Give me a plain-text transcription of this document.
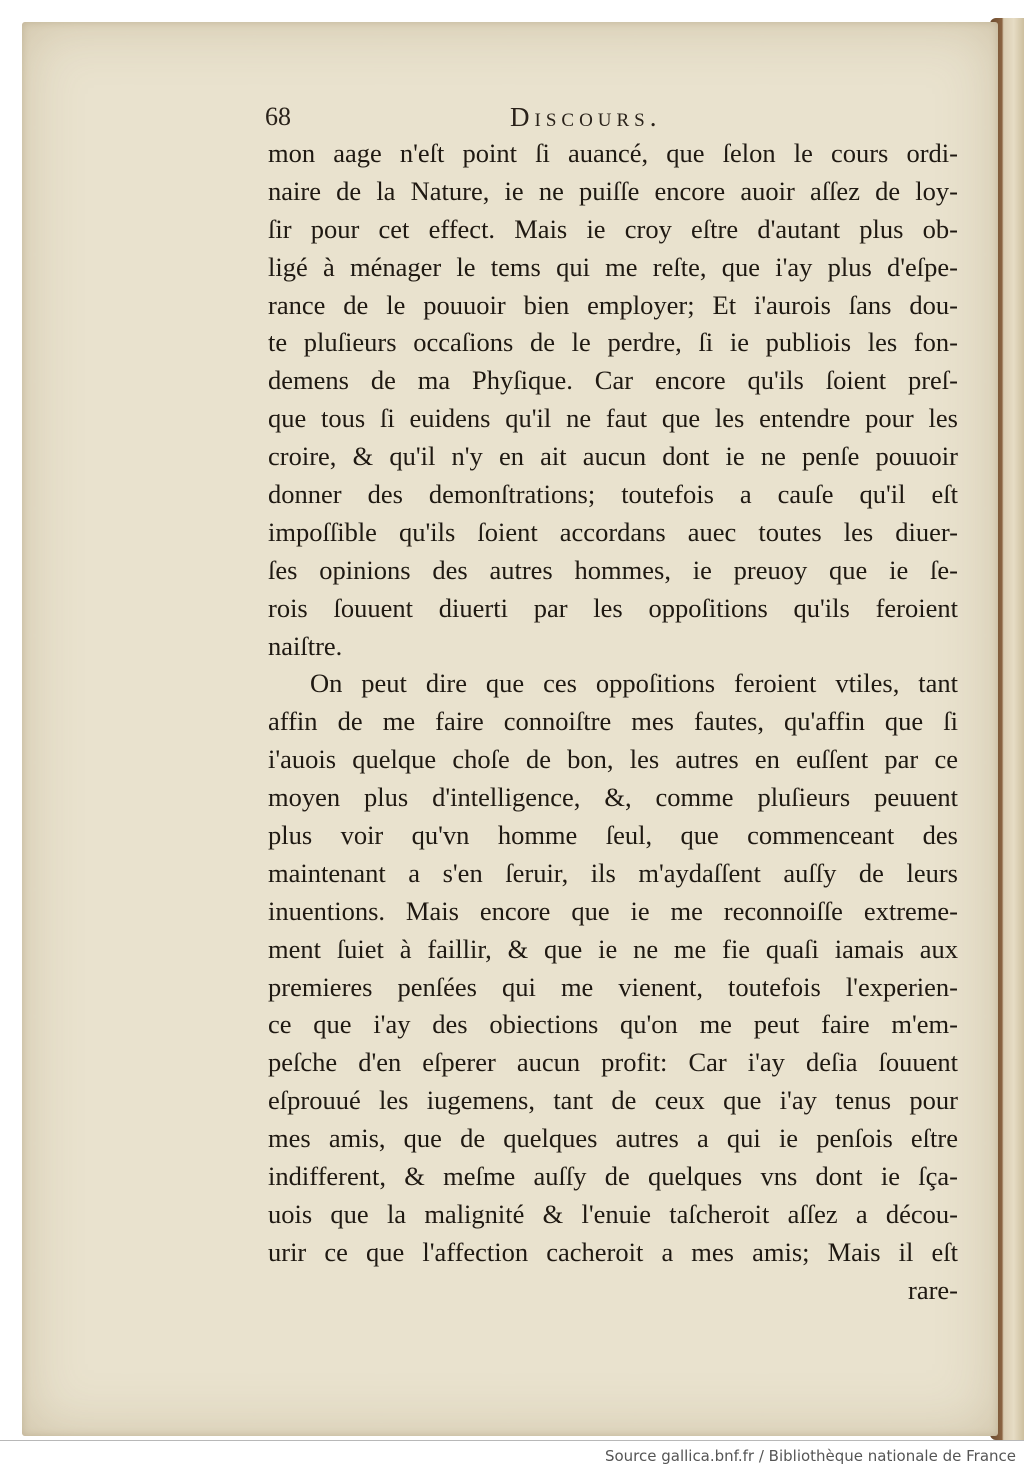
68	Discours.
mon aage n'eſt point ſi auancé, que ſelon le cours ordi-
naire de la Nature, ie ne puiſſe encore auoir aſſez de loy-
ſir pour cet effect. Mais ie croy eſtre d'autant plus ob-
ligé à ménager le tems qui me reſte, que i'ay plus d'eſpe-
rance de le pouuoir bien employer; Et i'aurois ſans dou-
te pluſieurs occaſions de le perdre, ſi ie publiois les fon-
demens de ma Phyſique. Car encore qu'ils ſoient preſ-
que tous ſi euidens qu'il ne faut que les entendre pour les
croire, & qu'il n'y en ait aucun dont ie ne penſe pouuoir
donner des demonſtrations; toutefois a cauſe qu'il eſt
impoſſible qu'ils ſoient accordans auec toutes les diuer-
ſes opinions des autres hommes, ie preuoy que ie ſe-
rois ſouuent diuerti par les oppoſitions qu'ils feroient
naiſtre.
On peut dire que ces oppoſitions feroient vtiles, tant
affin de me faire connoiſtre mes fautes, qu'affin que ſi
i'auois quelque choſe de bon, les autres en euſſent par ce
moyen plus d'intelligence, &, comme pluſieurs peuuent
plus voir qu'vn homme ſeul, que commenceant des
maintenant a s'en ſeruir, ils m'aydaſſent auſſy de leurs
inuentions. Mais encore que ie me reconnoiſſe extreme-
ment ſuiet à faillir, & que ie ne me fie quaſi iamais aux
premieres penſées qui me vienent, toutefois l'experien-
ce que i'ay des obiections qu'on me peut faire m'em-
peſche d'en eſperer aucun profit: Car i'ay deſia ſouuent
eſprouué les iugemens, tant de ceux que i'ay tenus pour
mes amis, que de quelques autres a qui ie penſois eſtre
indifferent, & meſme auſſy de quelques vns dont ie ſça-
uois que la malignité & l'enuie taſcheroit aſſez a décou-
urir ce que l'affection cacheroit a mes amis; Mais il eſt
rare-
Source gallica.bnf.fr / Bibliothèque nationale de France
